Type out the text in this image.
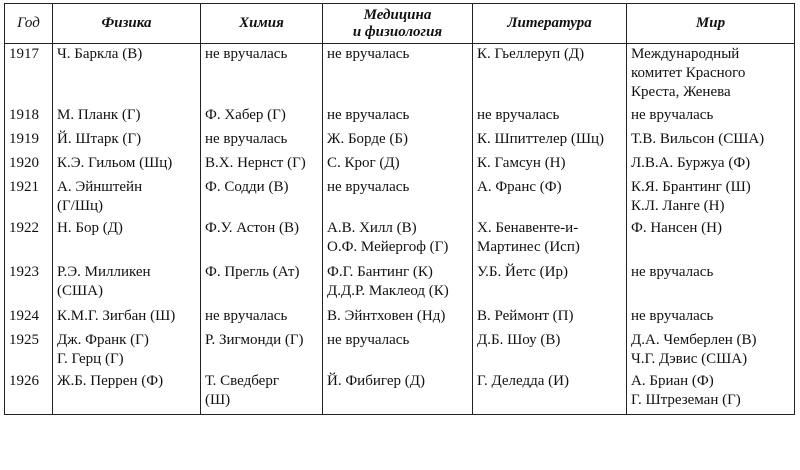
Год	Физика	Химия	Медицина
и физиология	Литература	Мир
1917	Ч. Баркла (В)	не вручалась	не вручалась	К. Гьеллеруп (Д)	Международный
комитет Красного
Креста, Женева

1918	М. Планк (Г)	Ф. Хабер (Г)	не вручалась	не вручалась	не вручалась

1919	Й. Штарк (Г)	не вручалась	Ж. Борде (Б)	К. Шпиттелер (Шц)	Т.В. Вильсон (США)

1920	К.Э. Гильом (Шц)	В.Х. Нернст (Г)	С. Крог (Д)	К. Гамсун (Н)	Л.В.А. Буржуа (Ф)

1921	А. Эйнштейн
(Г/Шц)	Ф. Содди (В)	не вручалась	А. Франс (Ф)	К.Я. Брантинг (Ш)
К.Л. Ланге (Н)

1922	Н. Бор (Д)	Ф.У. Астон (В)	А.В. Хилл (В)
О.Ф. Мейергоф (Г)	Х. Бенавенте-и-
Мартинес (Исп)	Ф. Нансен (Н)

1923	Р.Э. Милликен
(США)	Ф. Прегль (Ат)	Ф.Г. Бантинг (К)
Д.Д.Р. Маклеод (К)	У.Б. Йетс (Ир)	не вручалась

1924	К.М.Г. Зигбан (Ш)	не вручалась	В. Эйнтховен (Нд)	В. Реймонт (П)	не вручалась

1925	Дж. Франк (Г)
Г. Герц (Г)	Р. Зигмонди (Г)	не вручалась	Д.Б. Шоу (В)	Д.А. Чемберлен (В)
Ч.Г. Дэвис (США)

1926	Ж.Б. Перрен (Ф)	Т. Сведберг
(Ш)	Й. Фибигер (Д)	Г. Деледда (И)	А. Бриан (Ф)
Г. Штреземан (Г)
